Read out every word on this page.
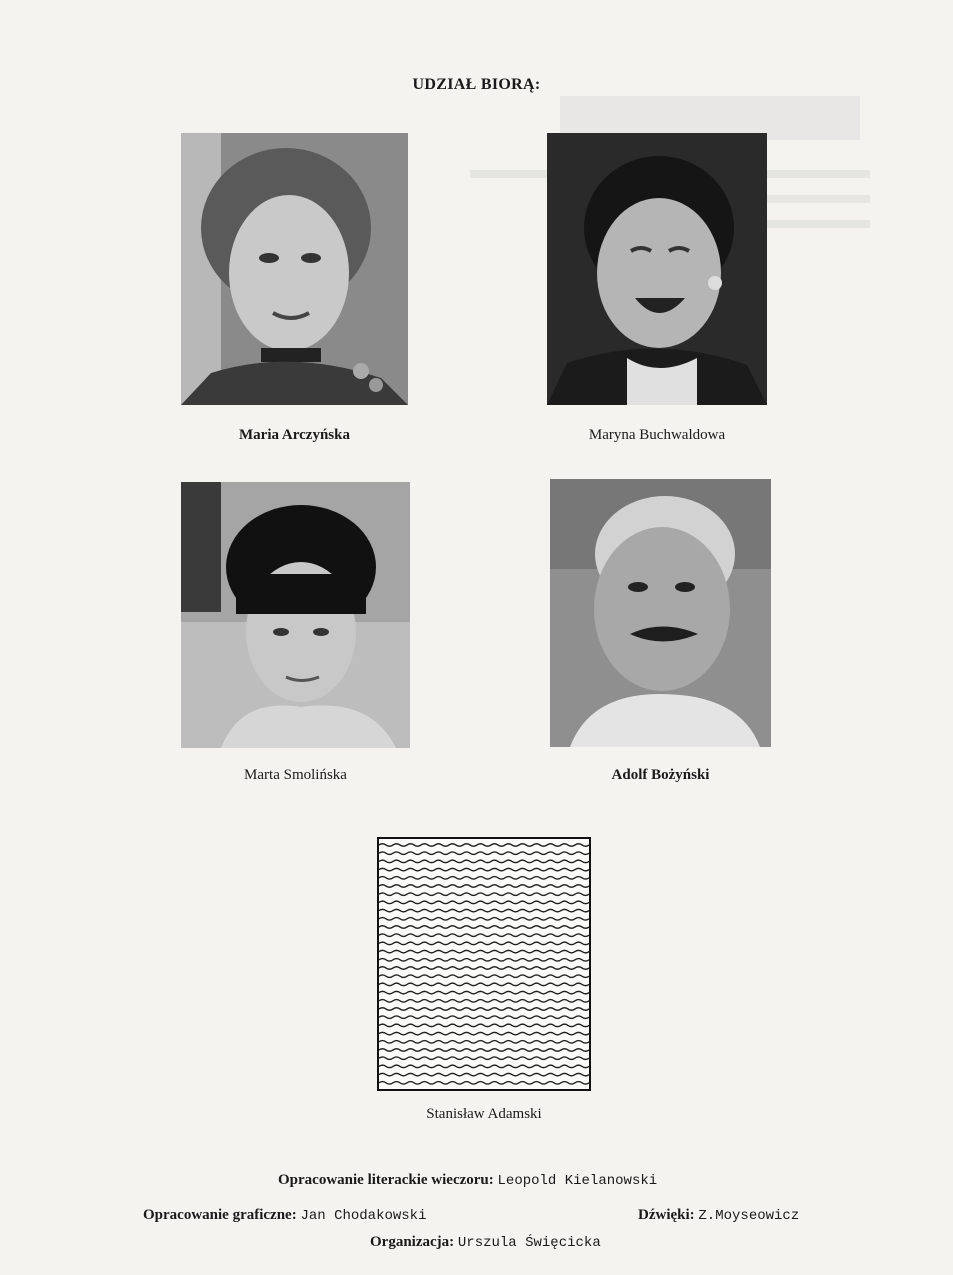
UDZIAŁ BIORĄ:
Maria Arczyńska	Maryna Buchwaldowa
Marta Smolińska	Adolf Bożyński
Stanisław Adamski
Opracowanie literackie wieczoru: Leopold Kielanowski
Opracowanie graficzne: Jan Chodakowski	Dźwięki: Z.Moyseowicz
Organizacja: Urszula Święcicka
